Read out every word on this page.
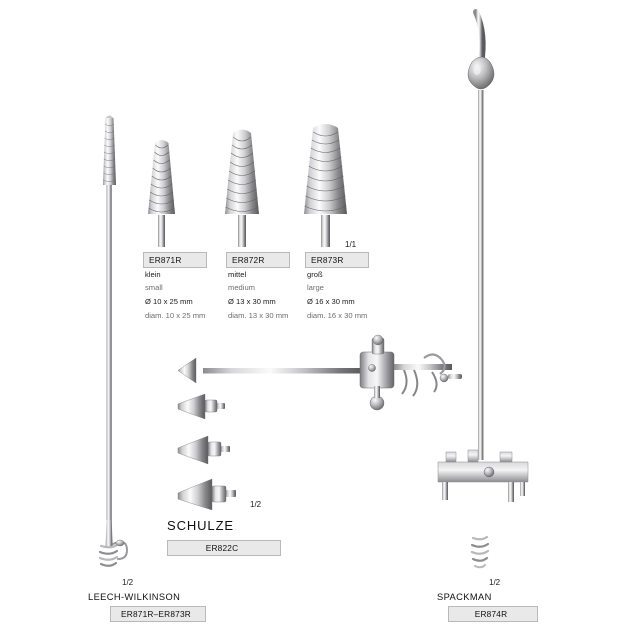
1/1
ER871R
klein
small
Ø 10 x 25 mm
diam. 10 x 25 mm
ER872R
mittel
medium
Ø 13 x 30 mm
diam. 13 x 30 mm
ER873R
groß
large
Ø 16 x 30 mm
diam. 16 x 30 mm
1/2
SCHULZE
ER822C
1/2
LEECH-WILKINSON
ER871R–ER873R
1/2
SPACKMAN
ER874R
